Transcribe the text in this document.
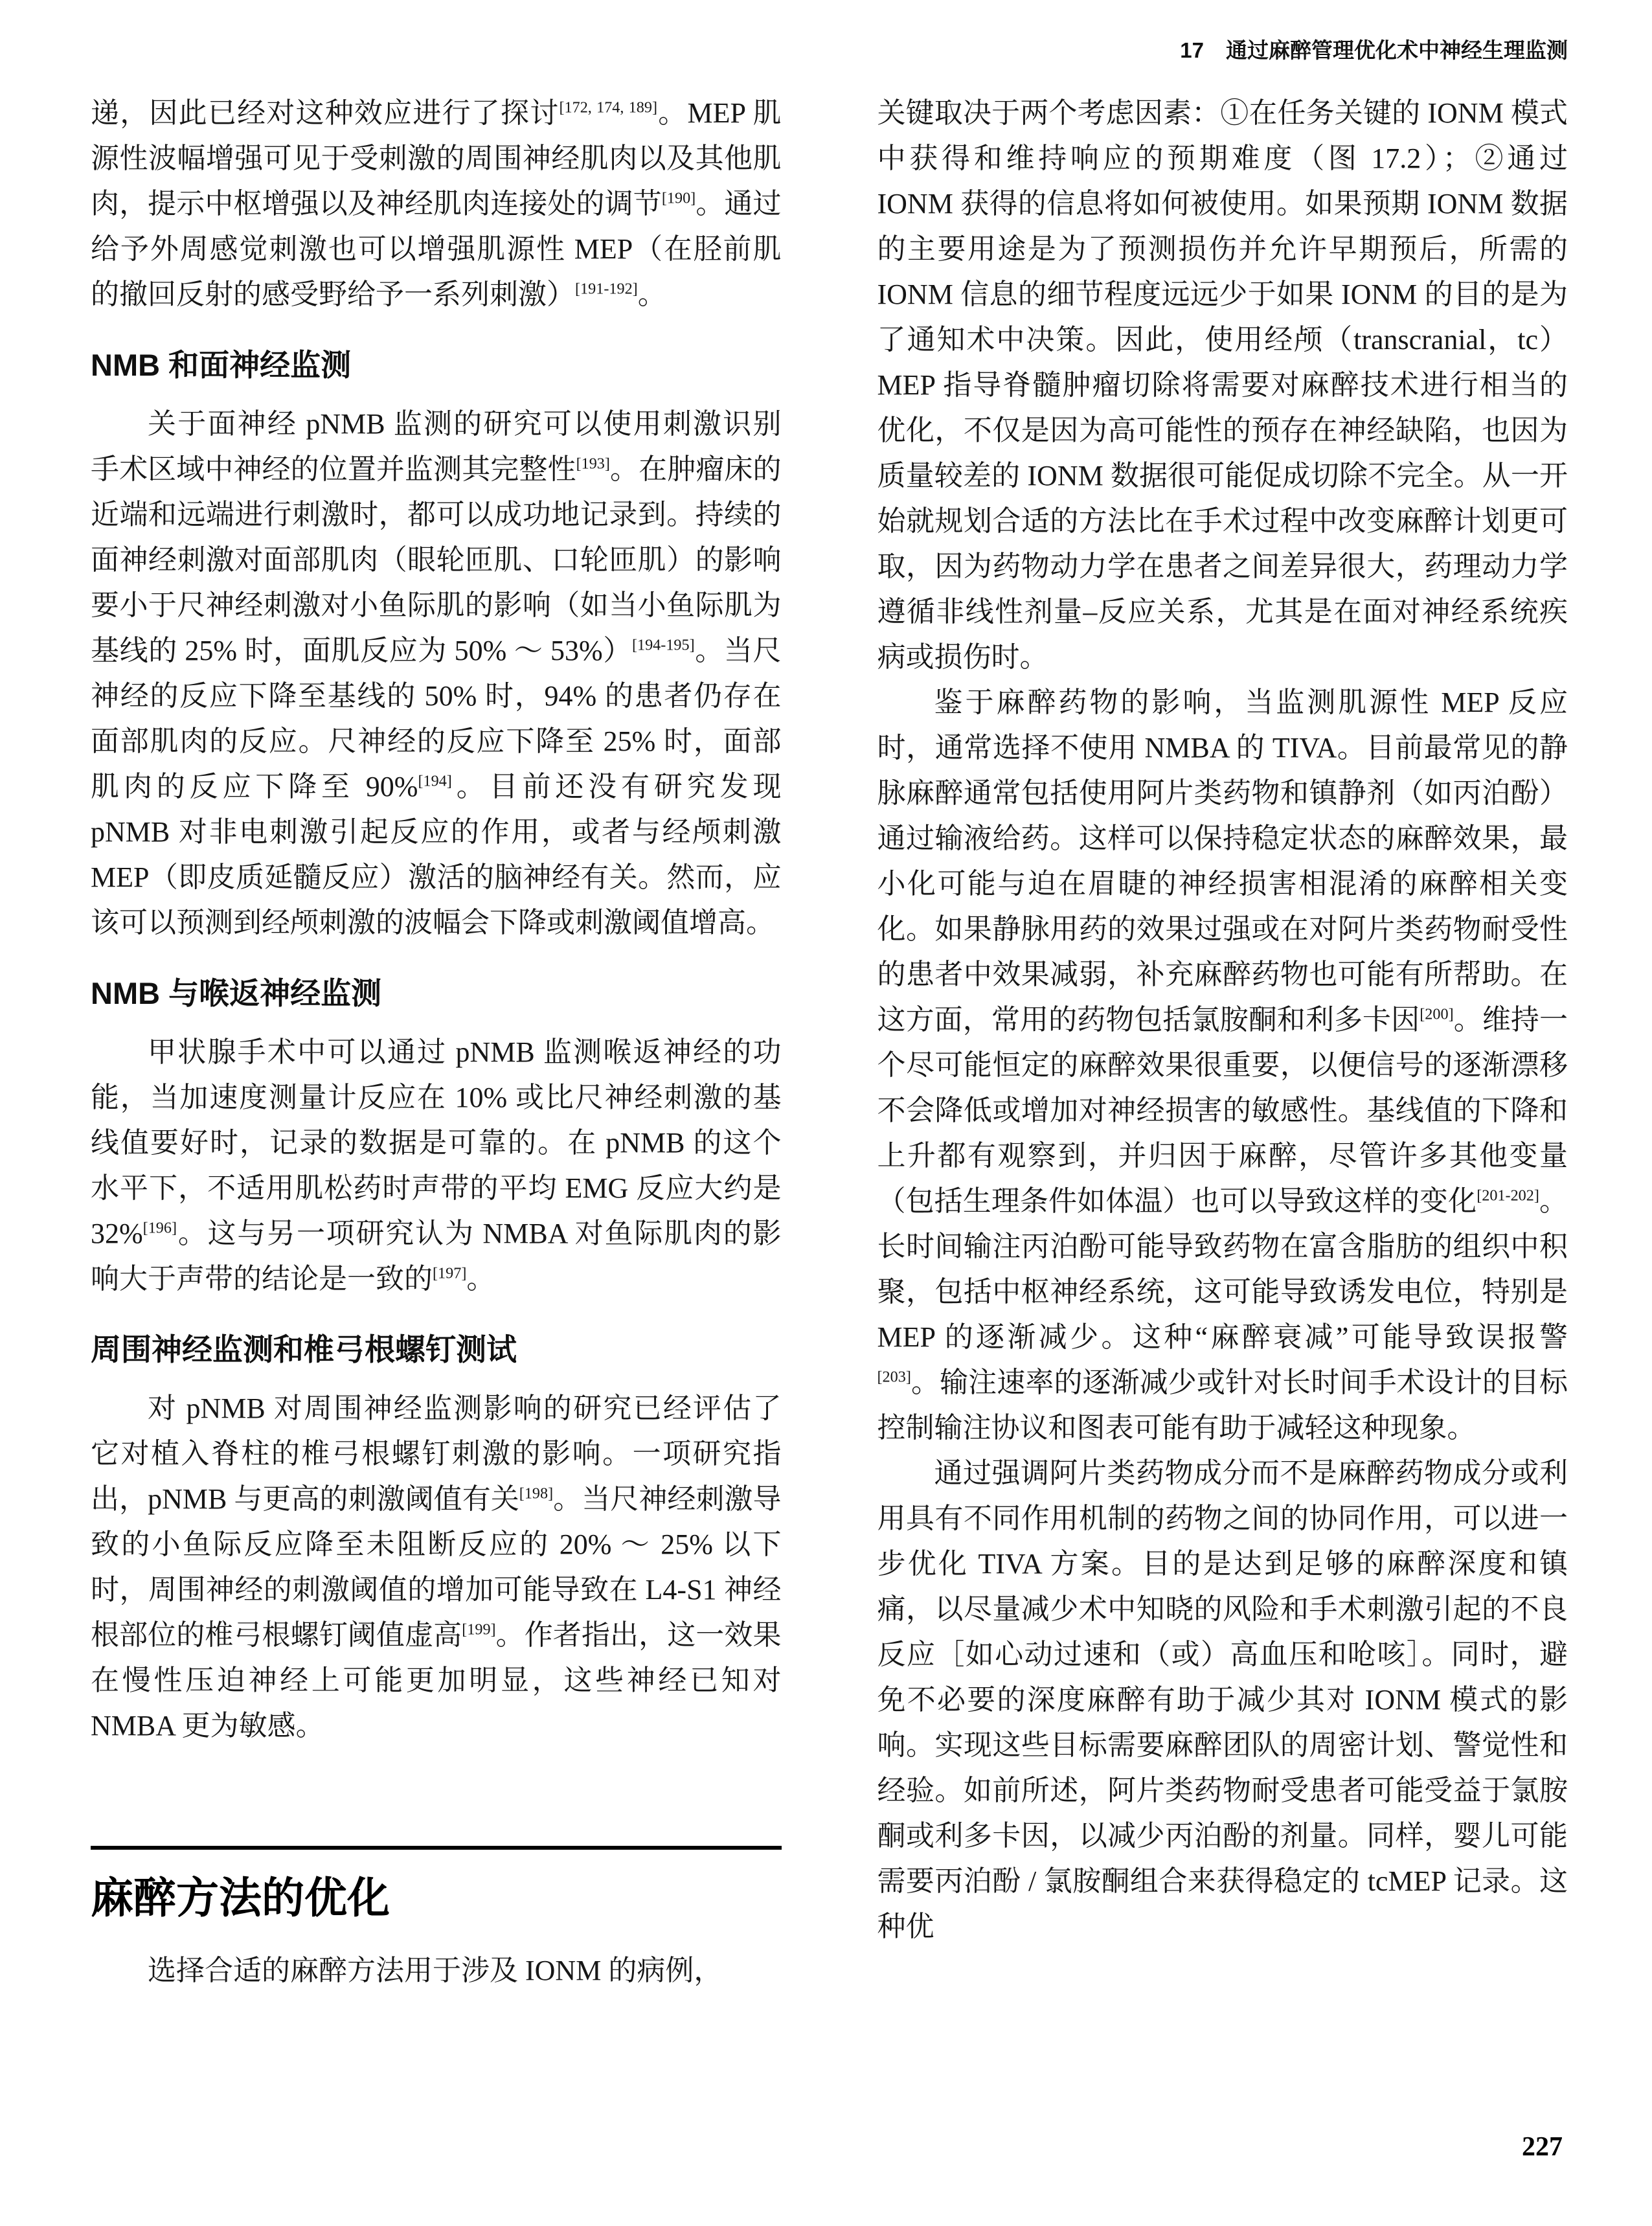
17 通过麻醉管理优化术中神经生理监测

递，因此已经对这种效应进行了探讨[172, 174, 189]。MEP 肌源性波幅增强可见于受刺激的周围神经肌肉以及其他肌肉，提示中枢增强以及神经肌肉连接处的调节[190]。通过给予外周感觉刺激也可以增强肌源性 MEP（在胫前肌的撤回反射的感受野给予一系列刺激）[191-192]。

NMB 和面神经监测

关于面神经 pNMB 监测的研究可以使用刺激识别手术区域中神经的位置并监测其完整性[193]。在肿瘤床的近端和远端进行刺激时，都可以成功地记录到。持续的面神经刺激对面部肌肉（眼轮匝肌、口轮匝肌）的影响要小于尺神经刺激对小鱼际肌的影响（如当小鱼际肌为基线的 25% 时，面肌反应为 50% ～ 53%）[194-195]。当尺神经的反应下降至基线的 50% 时，94% 的患者仍存在面部肌肉的反应。尺神经的反应下降至 25% 时，面部肌肉的反应下降至 90%[194]。目前还没有研究发现 pNMB 对非电刺激引起反应的作用，或者与经颅刺激 MEP（即皮质延髓反应）激活的脑神经有关。然而，应该可以预测到经颅刺激的波幅会下降或刺激阈值增高。

NMB 与喉返神经监测

甲状腺手术中可以通过 pNMB 监测喉返神经的功能，当加速度测量计反应在 10% 或比尺神经刺激的基线值要好时，记录的数据是可靠的。在 pNMB 的这个水平下，不适用肌松药时声带的平均 EMG 反应大约是 32%[196]。这与另一项研究认为 NMBA 对鱼际肌肉的影响大于声带的结论是一致的[197]。

周围神经监测和椎弓根螺钉测试

对 pNMB 对周围神经监测影响的研究已经评估了它对植入脊柱的椎弓根螺钉刺激的影响。一项研究指出，pNMB 与更高的刺激阈值有关[198]。当尺神经刺激导致的小鱼际反应降至未阻断反应的 20% ～ 25% 以下时，周围神经的刺激阈值的增加可能导致在 L4-S1 神经根部位的椎弓根螺钉阈值虚高[199]。作者指出，这一效果在慢性压迫神经上可能更加明显，这些神经已知对 NMBA 更为敏感。

麻醉方法的优化

选择合适的麻醉方法用于涉及 IONM 的病例，

关键取决于两个考虑因素：①在任务关键的 IONM 模式中获得和维持响应的预期难度（图 17.2）；②通过 IONM 获得的信息将如何被使用。如果预期 IONM 数据的主要用途是为了预测损伤并允许早期预后，所需的 IONM 信息的细节程度远远少于如果 IONM 的目的是为了通知术中决策。因此，使用经颅（transcranial，tc）MEP 指导脊髓肿瘤切除将需要对麻醉技术进行相当的优化，不仅是因为高可能性的预存在神经缺陷，也因为质量较差的 IONM 数据很可能促成切除不完全。从一开始就规划合适的方法比在手术过程中改变麻醉计划更可取，因为药物动力学在患者之间差异很大，药理动力学遵循非线性剂量–反应关系，尤其是在面对神经系统疾病或损伤时。

鉴于麻醉药物的影响，当监测肌源性 MEP 反应时，通常选择不使用 NMBA 的 TIVA。目前最常见的静脉麻醉通常包括使用阿片类药物和镇静剂（如丙泊酚）通过输液给药。这样可以保持稳定状态的麻醉效果，最小化可能与迫在眉睫的神经损害相混淆的麻醉相关变化。如果静脉用药的效果过强或在对阿片类药物耐受性的患者中效果减弱，补充麻醉药物也可能有所帮助。在这方面，常用的药物包括氯胺酮和利多卡因[200]。维持一个尽可能恒定的麻醉效果很重要，以便信号的逐渐漂移不会降低或增加对神经损害的敏感性。基线值的下降和上升都有观察到，并归因于麻醉，尽管许多其他变量（包括生理条件如体温）也可以导致这样的变化[201-202]。长时间输注丙泊酚可能导致药物在富含脂肪的组织中积聚，包括中枢神经系统，这可能导致诱发电位，特别是 MEP 的逐渐减少。这种“麻醉衰减”可能导致误报警[203]。输注速率的逐渐减少或针对长时间手术设计的目标控制输注协议和图表可能有助于减轻这种现象。

通过强调阿片类药物成分而不是麻醉药物成分或利用具有不同作用机制的药物之间的协同作用，可以进一步优化 TIVA 方案。目的是达到足够的麻醉深度和镇痛，以尽量减少术中知晓的风险和手术刺激引起的不良反应［如心动过速和（或）高血压和呛咳］。同时，避免不必要的深度麻醉有助于减少其对 IONM 模式的影响。实现这些目标需要麻醉团队的周密计划、警觉性和经验。如前所述，阿片类药物耐受患者可能受益于氯胺酮或利多卡因，以减少丙泊酚的剂量。同样，婴儿可能需要丙泊酚 / 氯胺酮组合来获得稳定的 tcMEP 记录。这种优

227
